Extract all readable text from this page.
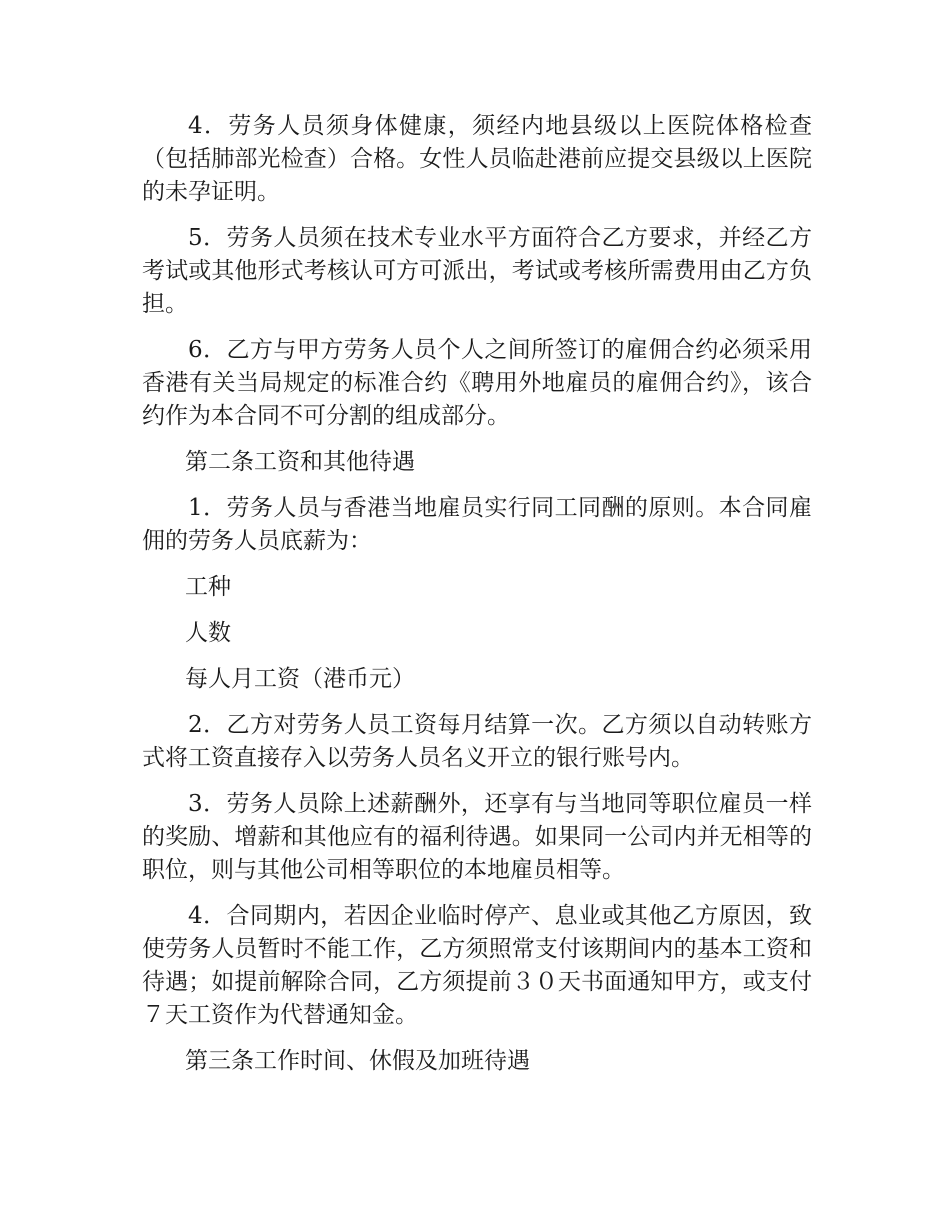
4．劳务人员须身体健康，须经内地县级以上医院体格检查（包括肺部光检查）合格。女性人员临赴港前应提交县级以上医院的未孕证明。

5．劳务人员须在技术专业水平方面符合乙方要求，并经乙方考试或其他形式考核认可方可派出，考试或考核所需费用由乙方负担。

6．乙方与甲方劳务人员个人之间所签订的雇佣合约必须采用香港有关当局规定的标准合约《聘用外地雇员的雇佣合约》，该合约作为本合同不可分割的组成部分。

第二条工资和其他待遇

1．劳务人员与香港当地雇员实行同工同酬的原则。本合同雇佣的劳务人员底薪为：

工种

人数

每人月工资（港币元）

2．乙方对劳务人员工资每月结算一次。乙方须以自动转账方式将工资直接存入以劳务人员名义开立的银行账号内。

3．劳务人员除上述薪酬外，还享有与当地同等职位雇员一样的奖励、增薪和其他应有的福利待遇。如果同一公司内并无相等的职位，则与其他公司相等职位的本地雇员相等。

4．合同期内，若因企业临时停产、息业或其他乙方原因，致使劳务人员暂时不能工作，乙方须照常支付该期间内的基本工资和待遇；如提前解除合同，乙方须提前３０天书面通知甲方，或支付７天工资作为代替通知金。

第三条工作时间、休假及加班待遇
